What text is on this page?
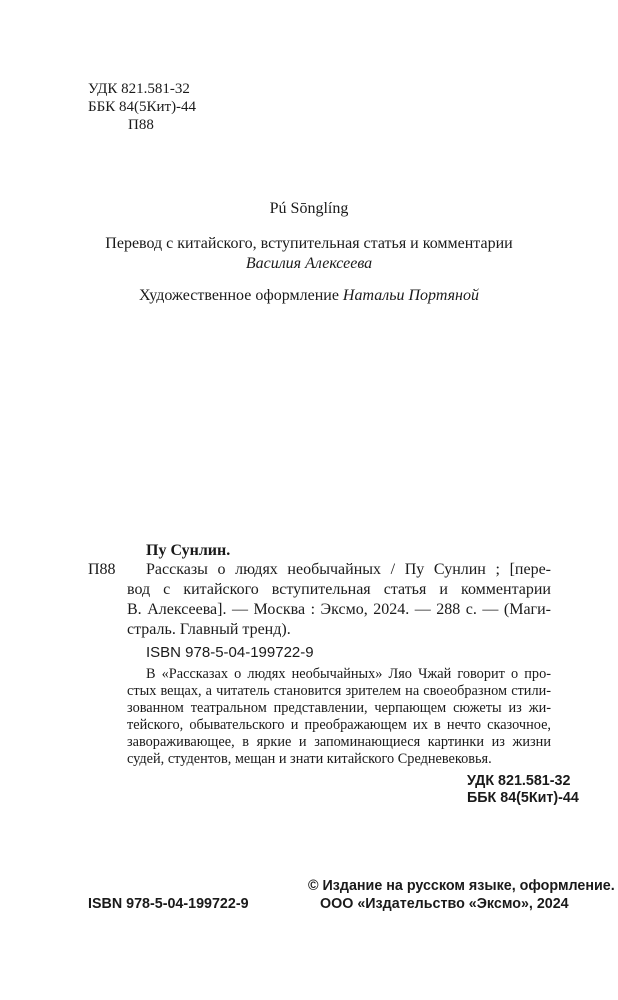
УДК 821.581-32
ББК 84(5Кит)-44
П88
Pú Sōnglíng
Перевод с китайского, вступительная статья и комментарии
Василия Алексеева
Художественное оформление Натальи Портяной
Пу Сунлин.
П88 Рассказы о людях необычайных / Пу Сунлин ; [пере-
вод с китайского вступительная статья и комментарии
В. Алексеева]. — Москва : Эксмо, 2024. — 288 с. — (Маги-
страль. Главный тренд).
ISBN 978-5-04-199722-9
В «Рассказах о людях необычайных» Ляо Чжай говорит о про-
стых вещах, а читатель становится зрителем на своеобразном стили-
зованном театральном представлении, черпающем сюжеты из жи-
тейского, обывательского и преображающем их в нечто сказочное,
завораживающее, в яркие и запоминающиеся картинки из жизни
судей, студентов, мещан и знати китайского Средневековья.
УДК 821.581-32
ББК 84(5Кит)-44
ISBN 978-5-04-199722-9
© Издание на русском языке, оформление.
ООО «Издательство «Эксмо», 2024
